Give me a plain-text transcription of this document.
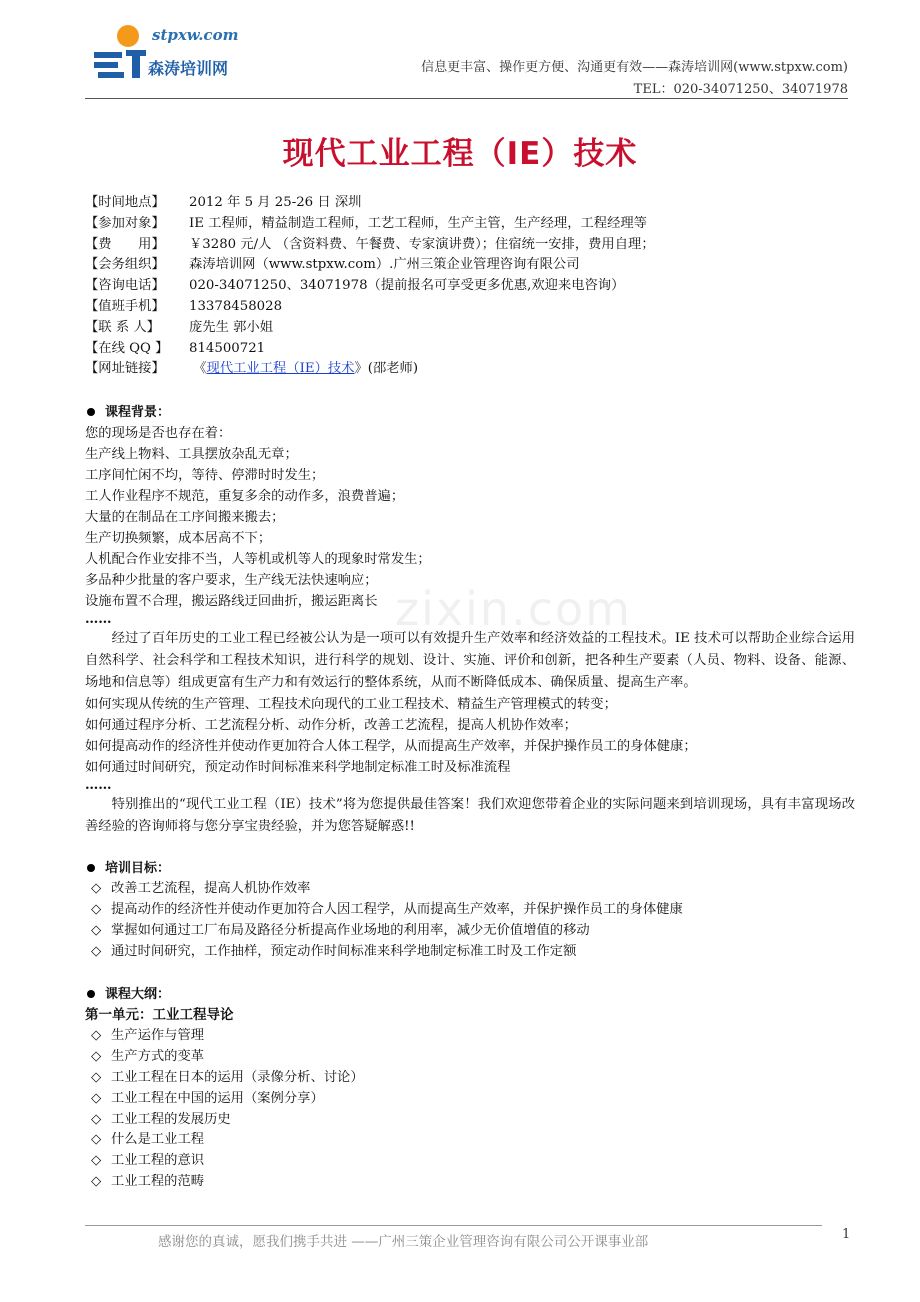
stpxw.com
森涛培训网	信息更丰富、操作更方便、沟通更有效——森涛培训网(www.stpxw.com)
TEL：020-34071250、34071978
现代工业工程（IE）技术
zixin.com
【时间地点】 2012 年 5 月 25-26 日 深圳
【参加对象】 IE 工程师，精益制造工程师，工艺工程师，生产主管，生产经理，工程经理等
【费　　用】 ￥3280 元/人 （含资料费、午餐费、专家演讲费）；住宿统一安排，费用自理；
【会务组织】 森涛培训网（www.stpxw.com）.广州三策企业管理咨询有限公司
【咨询电话】 020-34071250、34071978（提前报名可享受更多优惠,欢迎来电咨询）
【值班手机】 13378458028
【联 系 人】 庞先生 郭小姐
【在线 QQ 】 814500721
【网址链接】 《现代工业工程（IE）技术》(邵老师)
课程背景：
您的现场是否也存在着：
生产线上物料、工具摆放杂乱无章；
工序间忙闲不均，等待、停滞时时发生；
工人作业程序不规范，重复多余的动作多，浪费普遍；
大量的在制品在工序间搬来搬去；
生产切换频繁，成本居高不下；
人机配合作业安排不当，人等机或机等人的现象时常发生；
多品种少批量的客户要求，生产线无法快速响应；
设施布置不合理，搬运路线迂回曲折，搬运距离长
……
经过了百年历史的工业工程已经被公认为是一项可以有效提升生产效率和经济效益的工程技术。IE 技术可以帮助企业综合运用自然科学、社会科学和工程技术知识，进行科学的规划、设计、实施、评价和创新，把各种生产要素（人员、物料、设备、能源、场地和信息等）组成更富有生产力和有效运行的整体系统，从而不断降低成本、确保质量、提高生产率。
如何实现从传统的生产管理、工程技术向现代的工业工程技术、精益生产管理模式的转变；
如何通过程序分析、工艺流程分析、动作分析，改善工艺流程，提高人机协作效率；
如何提高动作的经济性并使动作更加符合人体工程学，从而提高生产效率，并保护操作员工的身体健康；
如何通过时间研究，预定动作时间标准来科学地制定标准工时及标准流程
……
特别推出的“现代工业工程（IE）技术”将为您提供最佳答案！我们欢迎您带着企业的实际问题来到培训现场，具有丰富现场改善经验的咨询师将与您分享宝贵经验，并为您答疑解惑!!
培训目标：
◇ 改善工艺流程，提高人机协作效率
◇ 提高动作的经济性并使动作更加符合人因工程学，从而提高生产效率，并保护操作员工的身体健康
◇ 掌握如何通过工厂布局及路径分析提高作业场地的利用率，减少无价值增值的移动
◇ 通过时间研究，工作抽样，预定动作时间标准来科学地制定标准工时及工作定额
课程大纲：
第一单元：工业工程导论
◇ 生产运作与管理
◇ 生产方式的变革
◇ 工业工程在日本的运用（录像分析、讨论）
◇ 工业工程在中国的运用（案例分享）
◇ 工业工程的发展历史
◇ 什么是工业工程
◇ 工业工程的意识
◇ 工业工程的范畴
感谢您的真诚，愿我们携手共进 ——广州三策企业管理咨询有限公司公开课事业部	1
